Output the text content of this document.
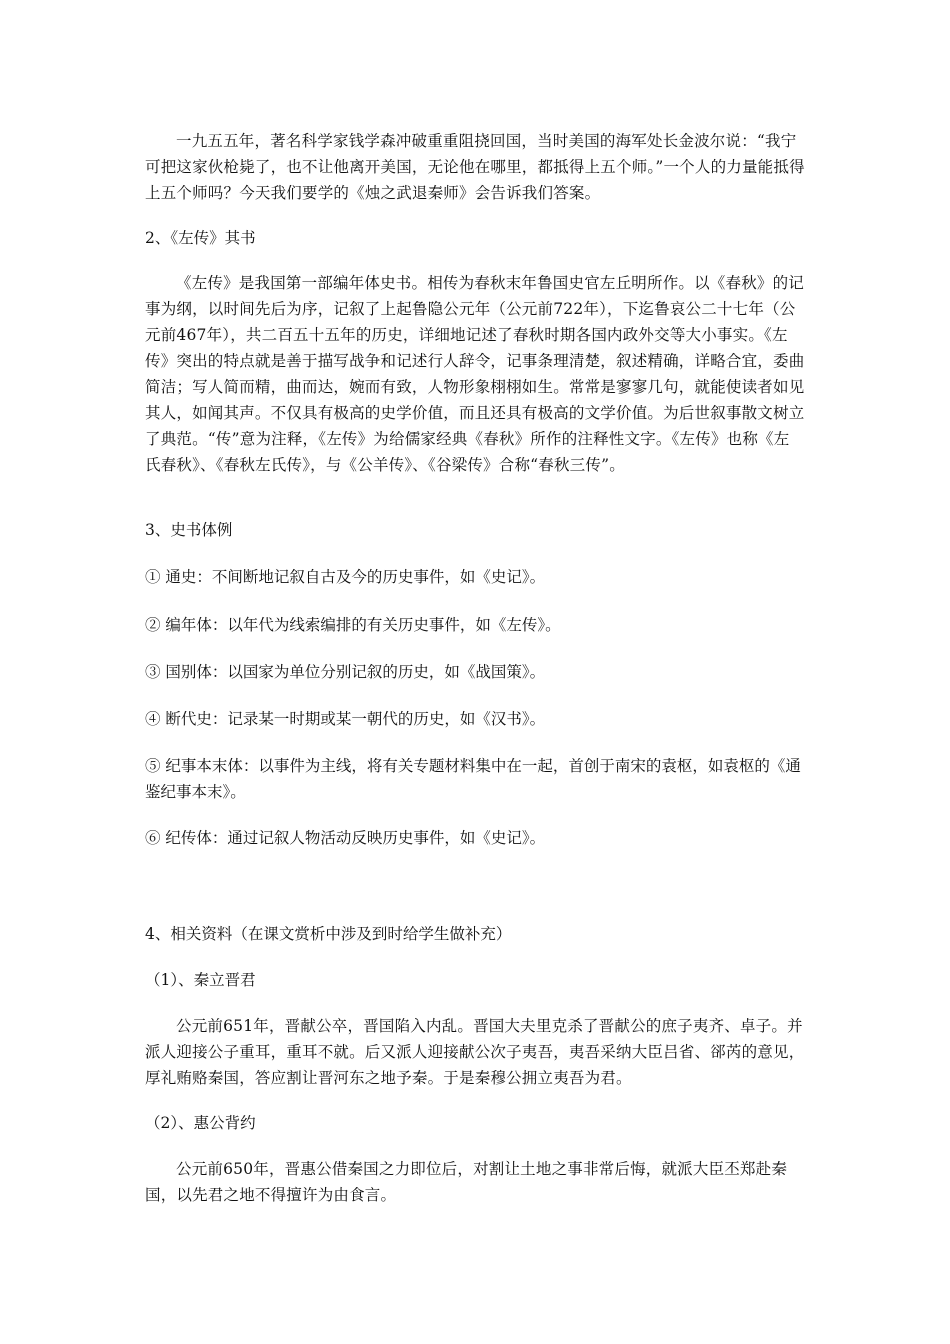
一九五五年，著名科学家钱学森冲破重重阻挠回国，当时美国的海军处长金波尔说：“我宁可把这家伙枪毙了，也不让他离开美国，无论他在哪里，都抵得上五个师。”一个人的力量能抵得上五个师吗？今天我们要学的《烛之武退秦师》会告诉我们答案。

2、《左传》其书

《左传》是我国第一部编年体史书。相传为春秋末年鲁国史官左丘明所作。以《春秋》的记事为纲，以时间先后为序，记叙了上起鲁隐公元年（公元前722年），下迄鲁哀公二十七年（公元前467年），共二百五十五年的历史，详细地记述了春秋时期各国内政外交等大小事实。《左传》突出的特点就是善于描写战争和记述行人辞令，记事条理清楚，叙述精确，详略合宜，委曲简洁；写人简而精，曲而达，婉而有致，人物形象栩栩如生。常常是寥寥几句，就能使读者如见其人，如闻其声。不仅具有极高的史学价值，而且还具有极高的文学价值。为后世叙事散文树立了典范。“传”意为注释，《左传》为给儒家经典《春秋》所作的注释性文字。《左传》也称《左氏春秋》、《春秋左氏传》，与《公羊传》、《谷梁传》合称“春秋三传”。

3、史书体例

① 通史：不间断地记叙自古及今的历史事件，如《史记》。

② 编年体：以年代为线索编排的有关历史事件，如《左传》。

③ 国别体：以国家为单位分别记叙的历史，如《战国策》。

④ 断代史：记录某一时期或某一朝代的历史，如《汉书》。

⑤ 纪事本末体：以事件为主线，将有关专题材料集中在一起，首创于南宋的袁枢，如袁枢的《通鉴纪事本末》。

⑥ 纪传体：通过记叙人物活动反映历史事件，如《史记》。

4、相关资料（在课文赏析中涉及到时给学生做补充）

（1）、秦立晋君

公元前651年，晋献公卒，晋国陷入内乱。晋国大夫里克杀了晋献公的庶子夷齐、卓子。并派人迎接公子重耳，重耳不就。后又派人迎接献公次子夷吾，夷吾采纳大臣吕省、郤芮的意见，厚礼贿赂秦国，答应割让晋河东之地予秦。于是秦穆公拥立夷吾为君。

（2）、惠公背约

公元前650年，晋惠公借秦国之力即位后，对割让土地之事非常后悔，就派大臣丕郑赴秦国，以先君之地不得擅许为由食言。
